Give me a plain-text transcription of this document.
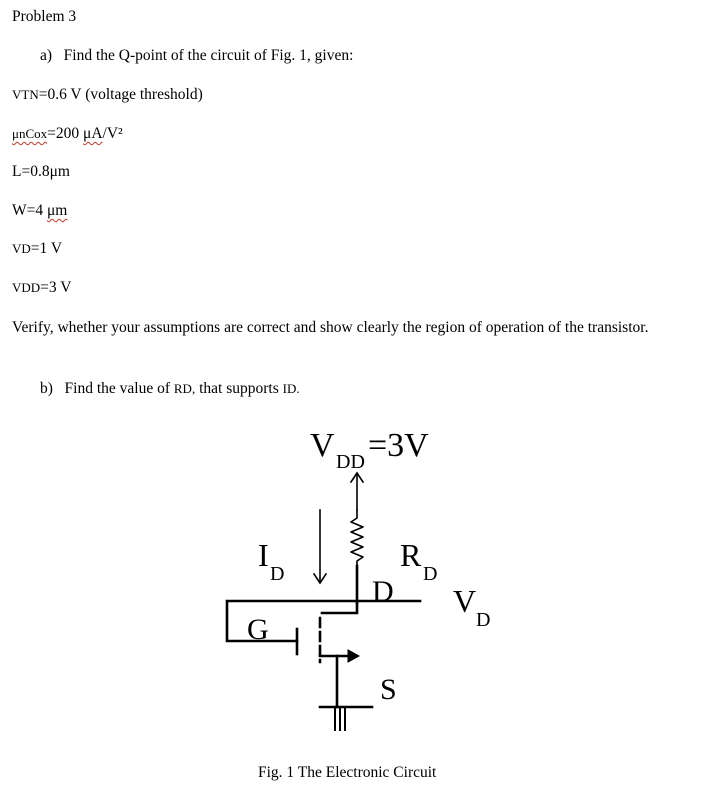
Problem 3
a) Find the Q-point of the circuit of Fig. 1, given:
VTN=0.6 V (voltage threshold)
μnCox=200 μA/V²
L=0.8μm
W=4 μm
VD=1 V
VDD=3 V
Verify, whether your assumptions are correct and show clearly the region of operation of the transistor.
b) Find the value of RD, that supports ID.
V DD =3V
I
D
R
D
D V
D
G
S
Fig. 1 The Electronic Circuit
